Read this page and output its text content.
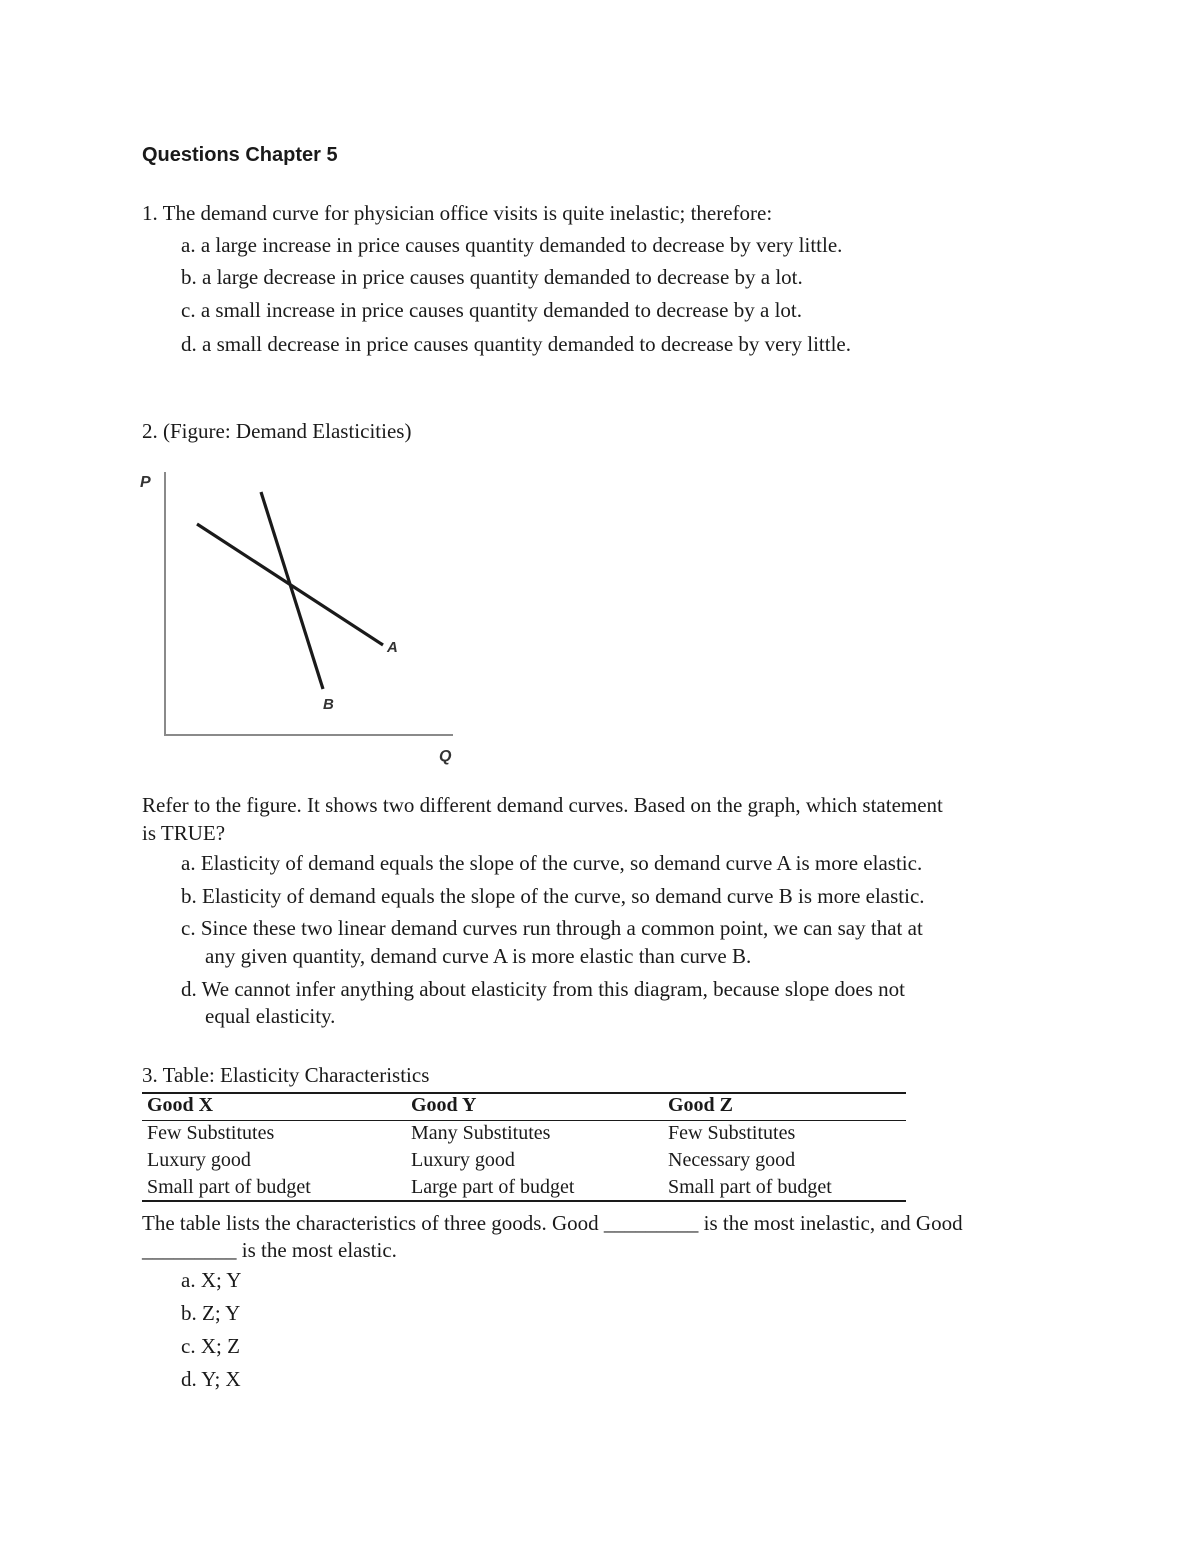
Questions Chapter 5
1. The demand curve for physician office visits is quite inelastic; therefore:
a. a large increase in price causes quantity demanded to decrease by very little.
b. a large decrease in price causes quantity demanded to decrease by a lot.
c. a small increase in price causes quantity demanded to decrease by a lot.
d. a small decrease in price causes quantity demanded to decrease by very little.
2. (Figure: Demand Elasticities)
P
Q
A
B
Refer to the figure. It shows two different demand curves. Based on the graph, which statement
is TRUE?
a. Elasticity of demand equals the slope of the curve, so demand curve A is more elastic.
b. Elasticity of demand equals the slope of the curve, so demand curve B is more elastic.
c. Since these two linear demand curves run through a common point, we can say that at
any given quantity, demand curve A is more elastic than curve B.
d. We cannot infer anything about elasticity from this diagram, because slope does not
equal elasticity.
3. Table: Elasticity Characteristics
Good X	Good Y	Good Z
Few Substitutes	Many Substitutes	Few Substitutes
Luxury good	Luxury good	Necessary good
Small part of budget	Large part of budget	Small part of budget
The table lists the characteristics of three goods. Good _________ is the most inelastic, and Good
_________ is the most elastic.
a. X; Y
b. Z; Y
c. X; Z
d. Y; X
